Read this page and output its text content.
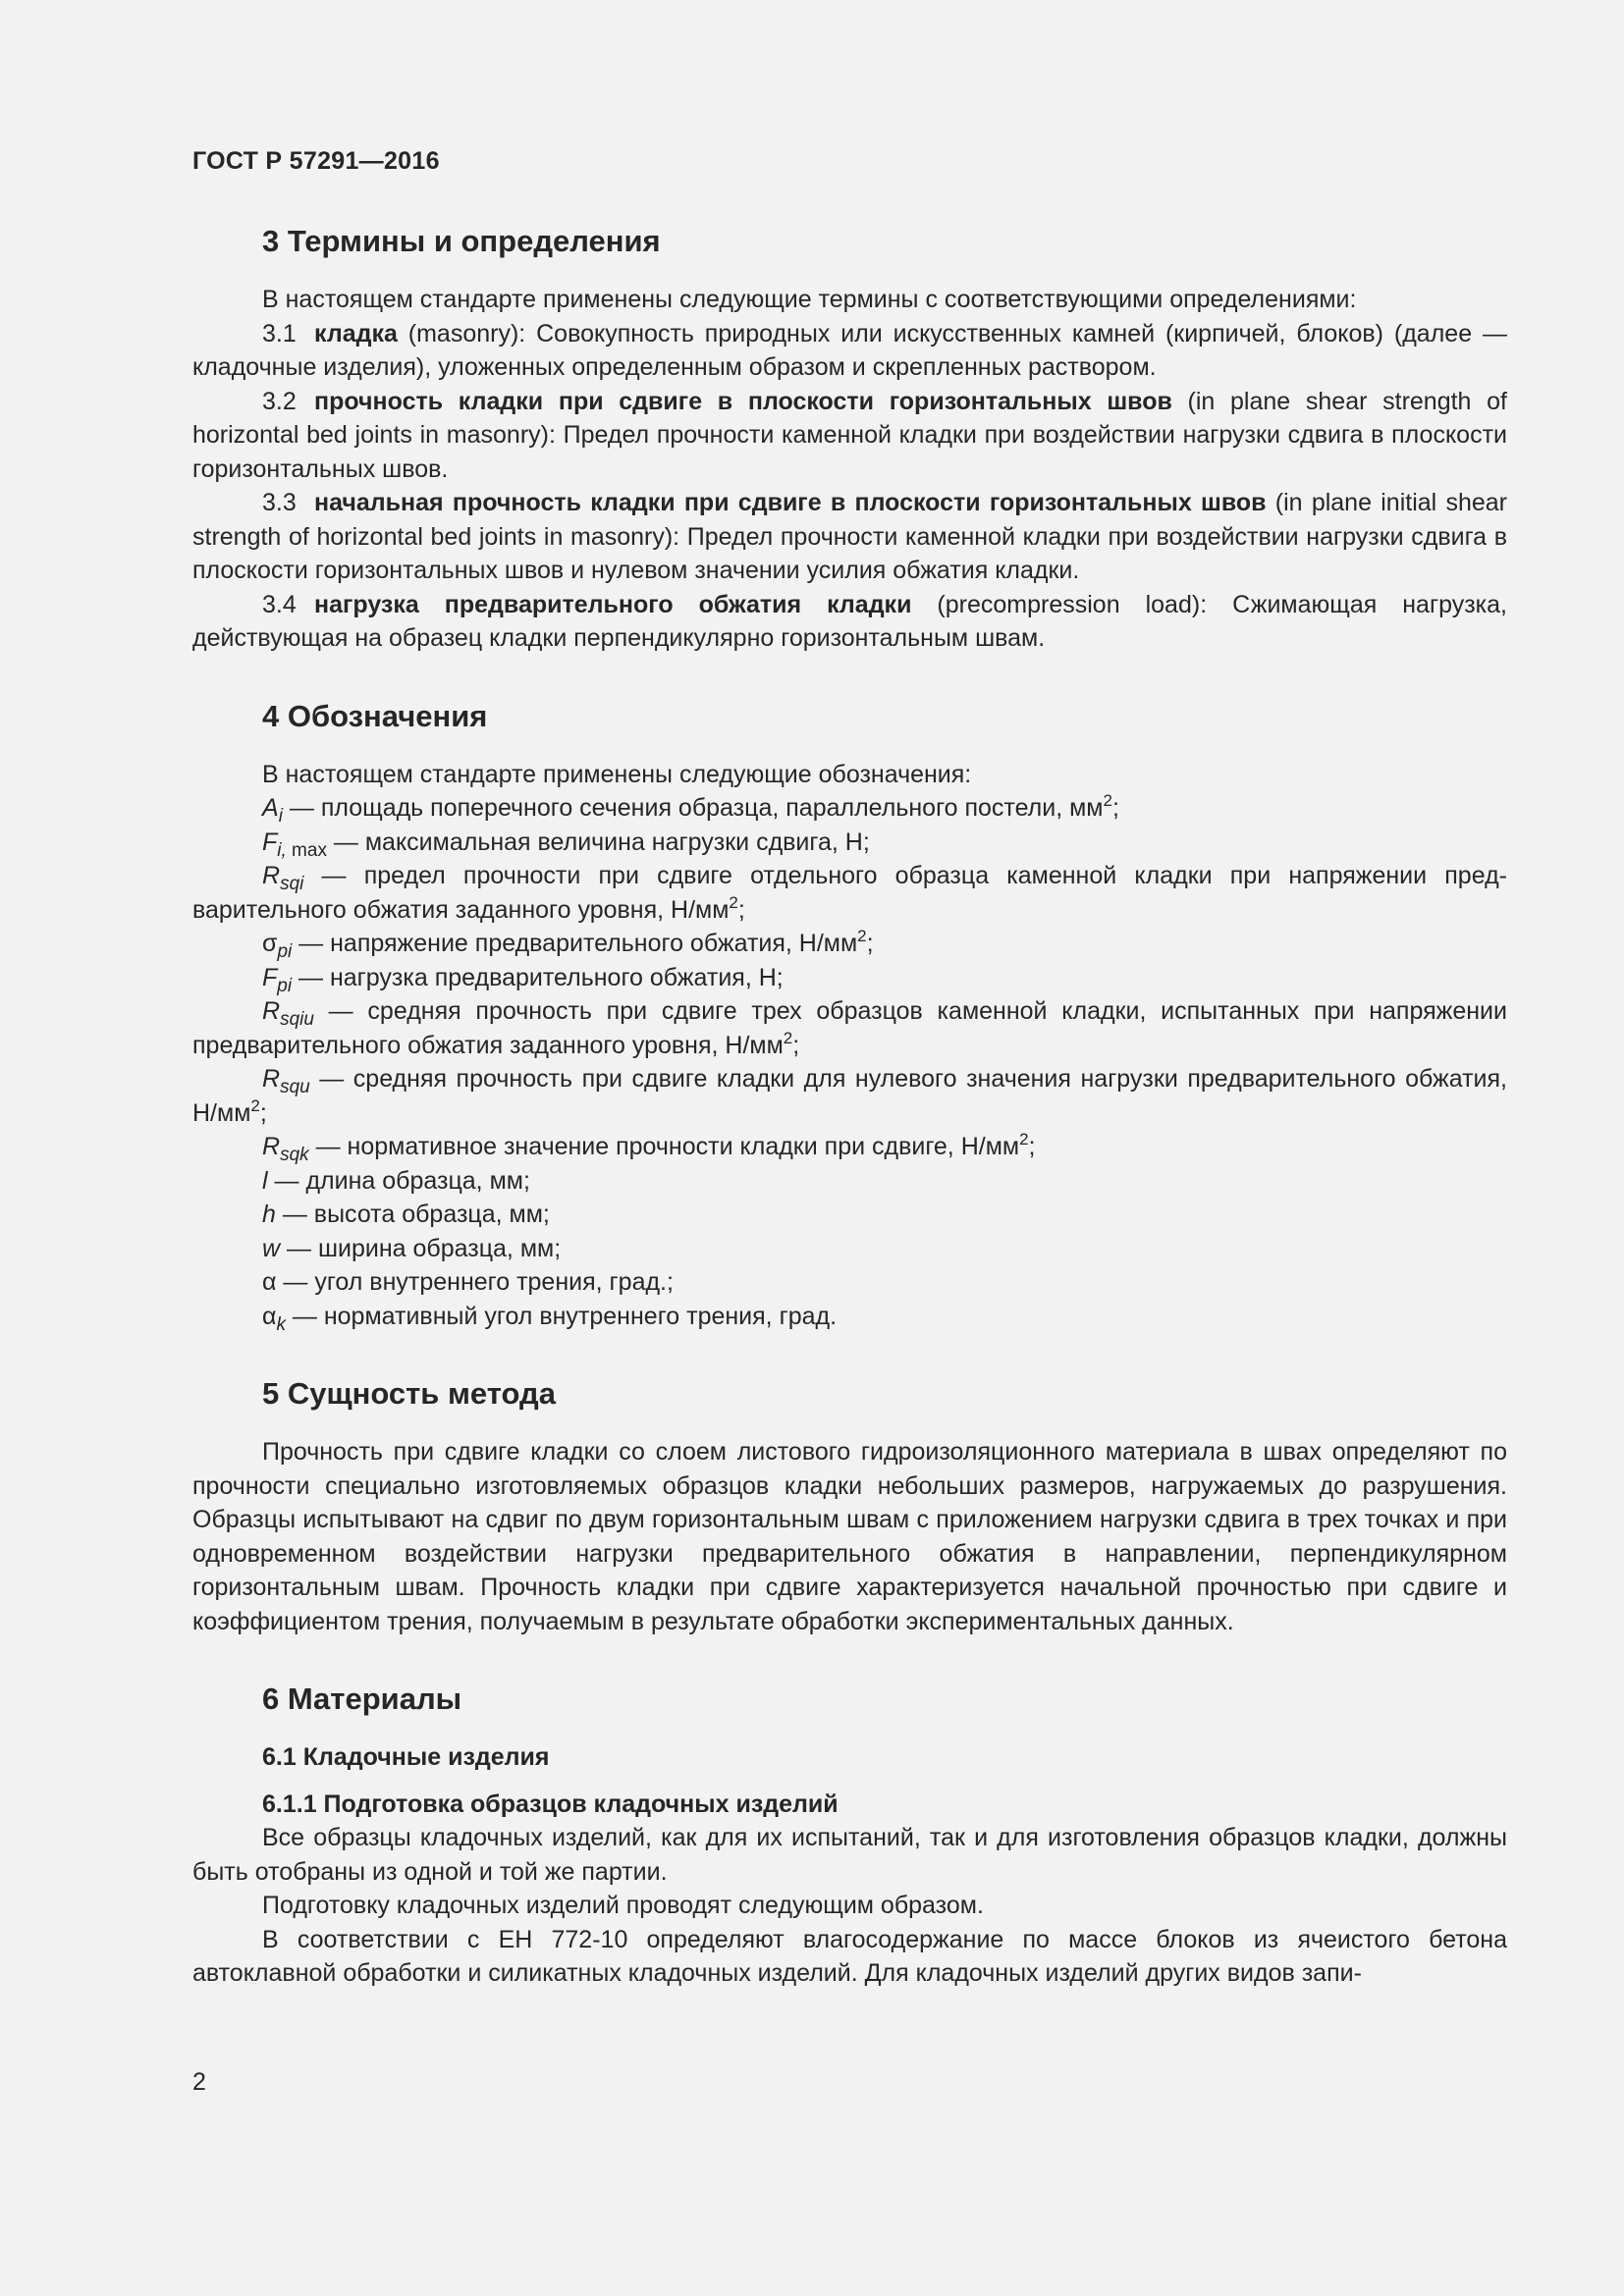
ГОСТ Р 57291—2016
3 Термины и определения

В настоящем стандарте применены следующие термины с соответствующими определениями:

3.1 кладка (masonry): Совокупность природных или искусственных камней (кирпичей, блоков) (далее — кладочные изделия), уложенных определенным образом и скрепленных раствором.

3.2 прочность кладки при сдвиге в плоскости горизонтальных швов (in plane shear strength of horizontal bed joints in masonry): Предел прочности каменной кладки при воздействии нагрузки сдвига в плоскости горизонтальных швов.

3.3 начальная прочность кладки при сдвиге в плоскости горизонтальных швов (in plane initial shear strength of horizontal bed joints in masonry): Предел прочности каменной кладки при воздействии нагрузки сдвига в плоскости горизонтальных швов и нулевом значении усилия обжатия кладки.

3.4 нагрузка предварительного обжатия кладки (precompression load): Сжимающая нагрузка, действующая на образец кладки перпендикулярно горизонтальным швам.

4 Обозначения

В настоящем стандарте применены следующие обозначения:

$A_i$ — площадь поперечного сечения образца, параллельного постели, $мм^2$;

$F_{i, max}$ — максимальная величина нагрузки сдвига, Н;

$R_{sqi}$ — предел прочности при сдвиге отдельного образца каменной кладки при напряжении предварительного обжатия заданного уровня, $Н/мм^2$;

$\sigma_{pi}$ — напряжение предварительного обжатия, $Н/мм^2$;

$F_{pi}$ — нагрузка предварительного обжатия, Н;

$R_{sqiu}$ — средняя прочность при сдвиге трех образцов каменной кладки, испытанных при напряжении предварительного обжатия заданного уровня, $Н/мм^2$;

$R_{squ}$ — средняя прочность при сдвиге кладки для нулевого значения нагрузки предварительного обжатия, $Н/мм^2$;

$R_{sqk}$ — нормативное значение прочности кладки при сдвиге, $Н/мм^2$;

l — длина образца, мм;

h — высота образца, мм;

w — ширина образца, мм;

α — угол внутреннего трения, град.;

$\alpha_k$ — нормативный угол внутреннего трения, град.

5 Сущность метода

Прочность при сдвиге кладки со слоем листового гидроизоляционного материала в швах определяют по прочности специально изготовляемых образцов кладки небольших размеров, нагружаемых до разрушения. Образцы испытывают на сдвиг по двум горизонтальным швам с приложением нагрузки сдвига в трех точках и при одновременном воздействии нагрузки предварительного обжатия в направлении, перпендикулярном горизонтальным швам. Прочность кладки при сдвиге характеризуется начальной прочностью при сдвиге и коэффициентом трения, получаемым в результате обработки экспериментальных данных.

6 Материалы
6.1 Кладочные изделия
6.1.1 Подготовка образцов кладочных изделий

Все образцы кладочных изделий, как для их испытаний, так и для изготовления образцов кладки, должны быть отобраны из одной и той же партии.

Подготовку кладочных изделий проводят следующим образом.

В соответствии с ЕН 772-10 определяют влагосодержание по массе блоков из ячеистого бетона автоклавной обработки и силикатных кладочных изделий. Для кладочных изделий других видов запи-

2
